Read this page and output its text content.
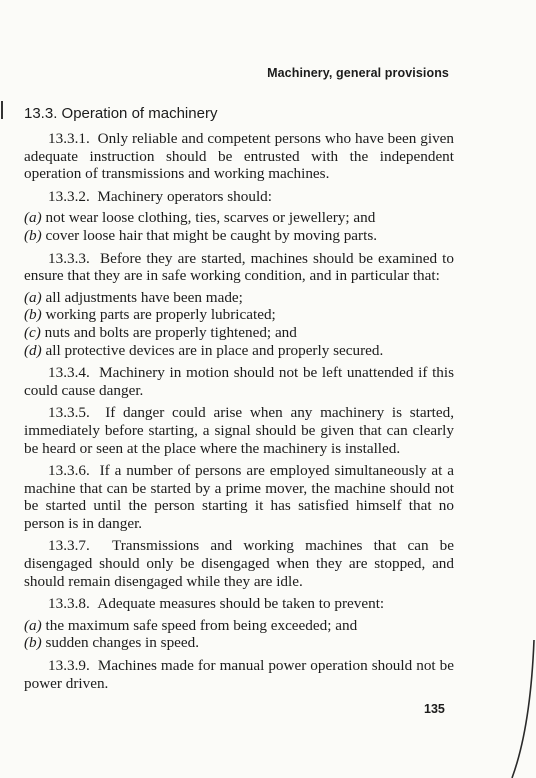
Machinery, general provisions
13.3. Operation of machinery

13.3.1. Only reliable and competent persons who have been given adequate instruction should be entrusted with the independent operation of transmissions and working machines.

13.3.2. Machinery operators should:

(a) not wear loose clothing, ties, scarves or jewellery; and

(b) cover loose hair that might be caught by moving parts.

13.3.3. Before they are started, machines should be examined to ensure that they are in safe working condition, and in particular that:

(a) all adjustments have been made;

(b) working parts are properly lubricated;

(c) nuts and bolts are properly tightened; and

(d) all protective devices are in place and properly secured.

13.3.4. Machinery in motion should not be left unattended if this could cause danger.

13.3.5. If danger could arise when any machinery is started, immediately before starting, a signal should be given that can clearly be heard or seen at the place where the machinery is installed.

13.3.6. If a number of persons are employed simultaneously at a machine that can be started by a prime mover, the machine should not be started until the person starting it has satisfied himself that no person is in danger.

13.3.7. Transmissions and working machines that can be disengaged should only be disengaged when they are stopped, and should remain disengaged while they are idle.

13.3.8. Adequate measures should be taken to prevent:

(a) the maximum safe speed from being exceeded; and

(b) sudden changes in speed.

13.3.9. Machines made for manual power operation should not be power driven.

135
